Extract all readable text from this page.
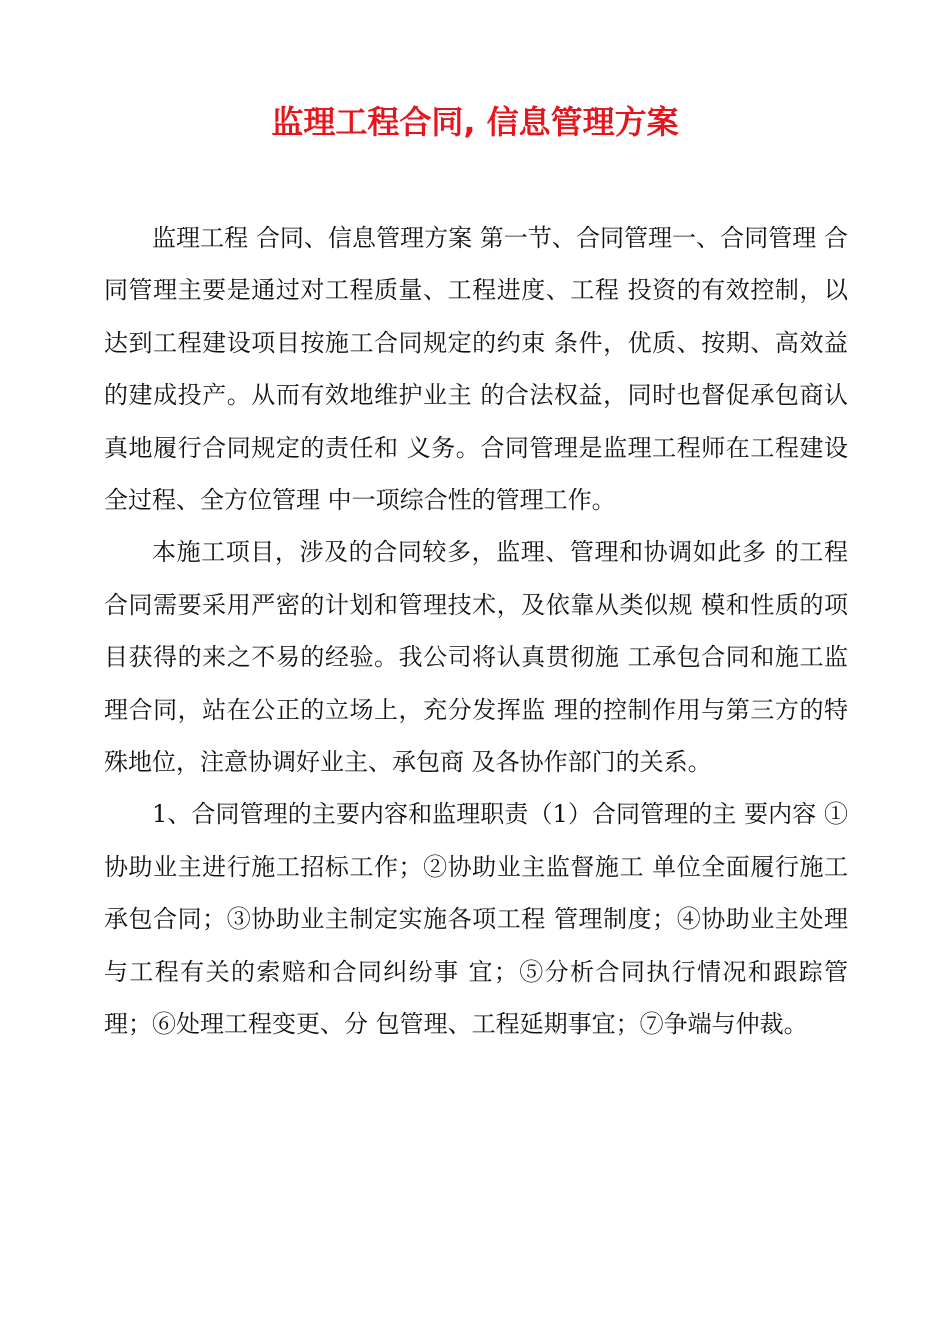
监理工程合同, 信息管理方案

监理工程 合同、信息管理方案 第一节、合同管理一、合同管理 合同管理主要是通过对工程质量、工程进度、工程 投资的有效控制，以达到工程建设项目按施工合同规定的约束 条件，优质、按期、高效益的建成投产。从而有效地维护业主 的合法权益，同时也督促承包商认真地履行合同规定的责任和 义务。合同管理是监理工程师在工程建设全过程、全方位管理 中一项综合性的管理工作。

本施工项目，涉及的合同较多，监理、管理和协调如此多 的工程合同需要采用严密的计划和管理技术，及依靠从类似规 模和性质的项目获得的来之不易的经验。我公司将认真贯彻施 工承包合同和施工监理合同，站在公正的立场上，充分发挥监 理的控制作用与第三方的特殊地位，注意协调好业主、承包商 及各协作部门的关系。

1、合同管理的主要内容和监理职责（1）合同管理的主 要内容 ①协助业主进行施工招标工作；②协助业主监督施工 单位全面履行施工承包合同；③协助业主制定实施各项工程 管理制度；④协助业主处理与工程有关的索赔和合同纠纷事 宜；⑤分析合同执行情况和跟踪管理；⑥处理工程变更、分 包管理、工程延期事宜；⑦争端与仲裁。
